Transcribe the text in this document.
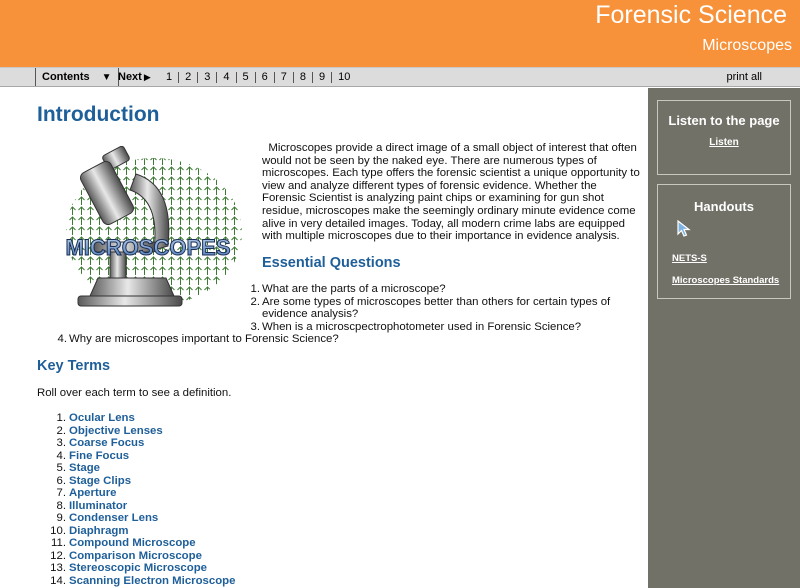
Forensic Science
Microscopes
Contents ▼ Next ▶	1	2	3	4	5	6	7	8	9	10	print all
Introduction
MICROSCOPES
Microscopes provide a direct image of a small object of interest that often would not be seen by the naked eye. There are numerous types of microscopes. Each type offers the forensic scientist a unique opportunity to view and analyze different types of forensic evidence. Whether the Forensic Scientist is analyzing paint chips or examining for gun shot residue, microscopes make the seemingly ordinary minute evidence come alive in very detailed images. Today, all modern crime labs are equipped with multiple microscopes due to their importance in evidence analysis.
Essential Questions
1. What are the parts of a microscope?
2. Are some types of microscopes better than others for certain types of evidence analysis?
3. When is a microscpectrophotometer used in Forensic Science?
4. Why are microscopes important to Forensic Science?
Key Terms
Roll over each term to see a definition.
1. Ocular Lens
2. Objective Lenses
3. Coarse Focus
4. Fine Focus
5. Stage
6. Stage Clips
7. Aperture
8. Illuminator
9. Condenser Lens
10. Diaphragm
11. Compound Microscope
12. Comparison Microscope
13. Stereoscopic Microscope
14. Scanning Electron Microscope
Listen to the page
Listen
Handouts
NETS-S
Microscopes Standards
